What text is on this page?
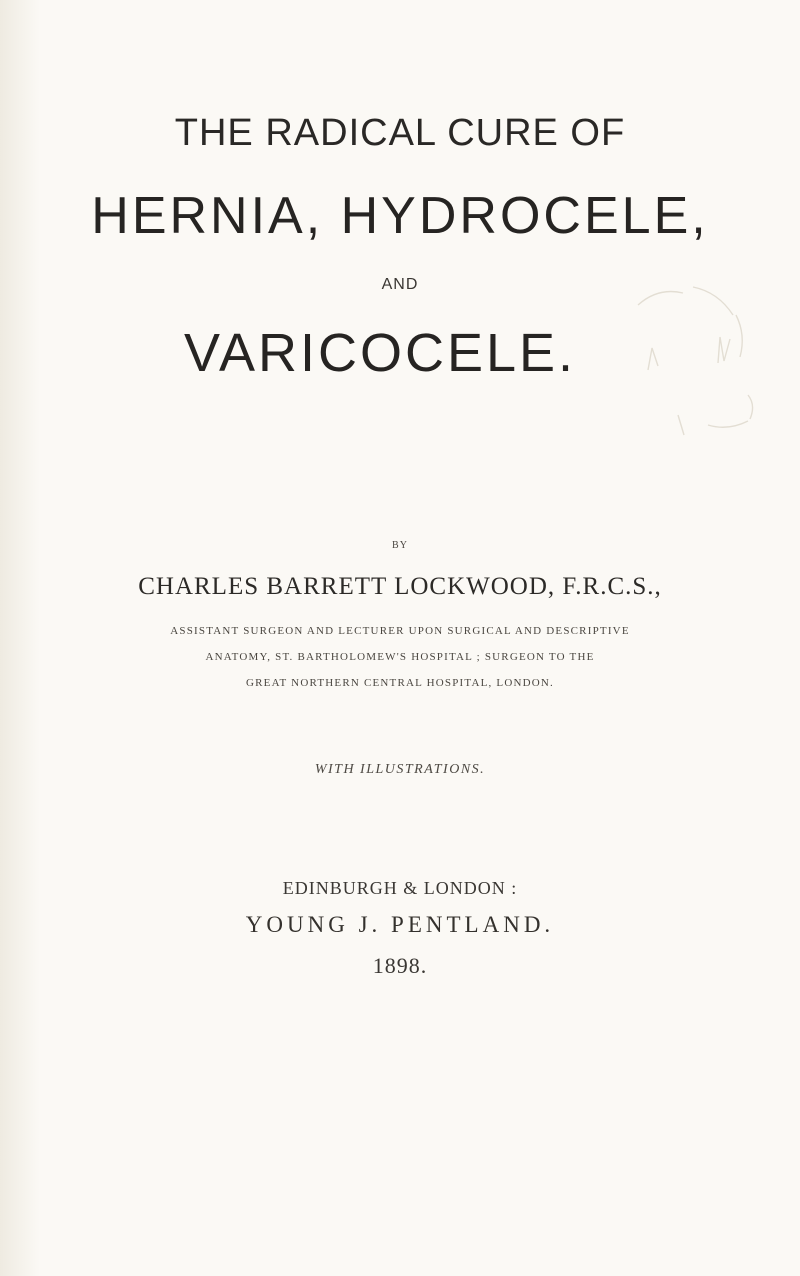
THE RADICAL CURE OF
HERNIA, HYDROCELE,
AND
VARICOCELE.
BY
CHARLES BARRETT LOCKWOOD, F.R.C.S.,
ASSISTANT SURGEON AND LECTURER UPON SURGICAL AND DESCRIPTIVE
ANATOMY, ST. BARTHOLOMEW'S HOSPITAL ; SURGEON TO THE
GREAT NORTHERN CENTRAL HOSPITAL, LONDON.
WITH ILLUSTRATIONS.
EDINBURGH & LONDON :
YOUNG J. PENTLAND.
1898.
